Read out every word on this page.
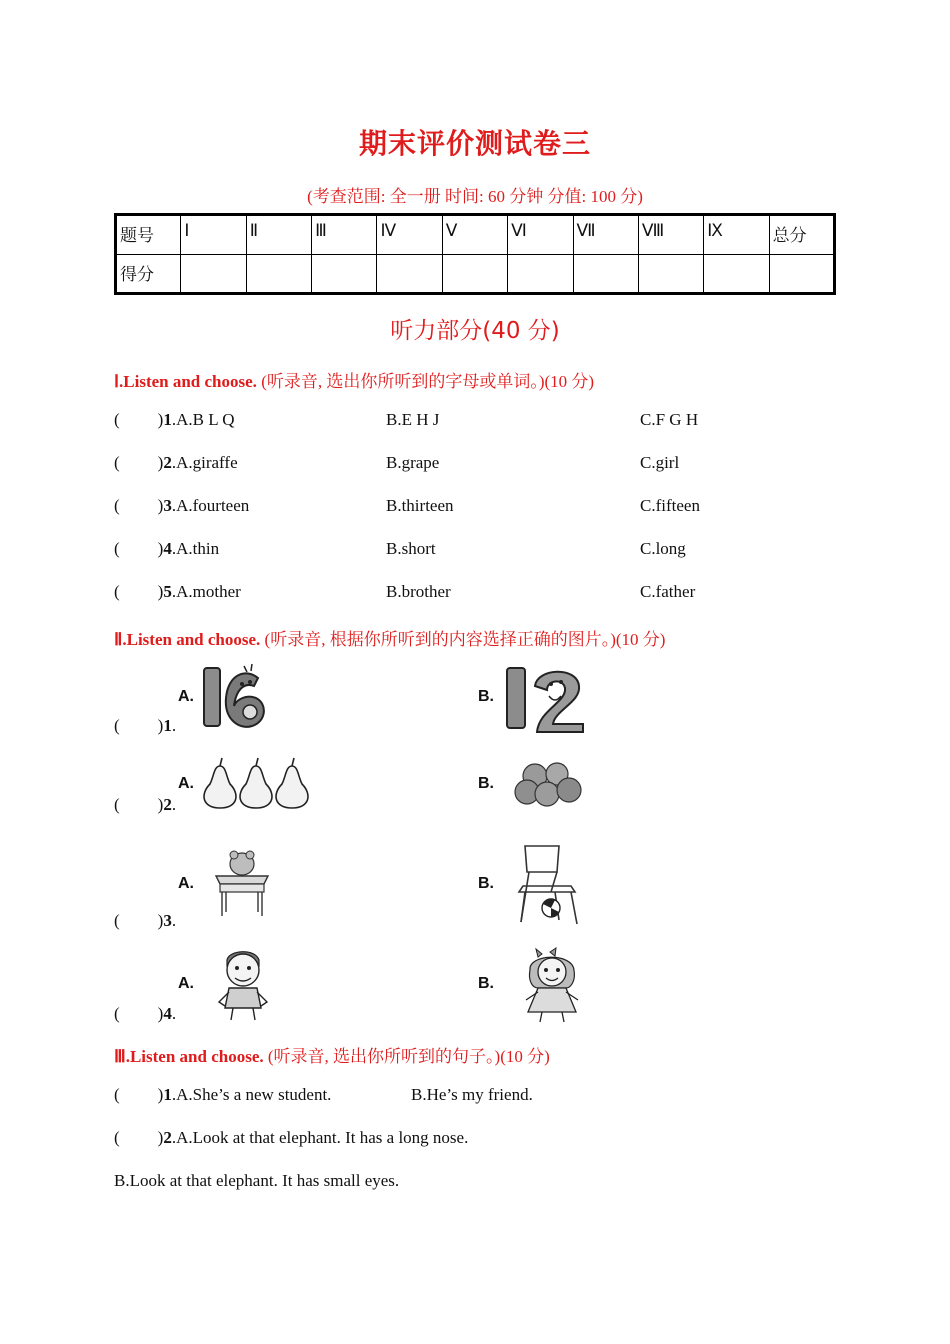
期末评价测试卷三
(考查范围: 全一册 时间: 60 分钟 分值: 100 分)
题号	Ⅰ	Ⅱ	Ⅲ	Ⅳ	Ⅴ	Ⅵ	Ⅶ	Ⅷ	Ⅸ	总分
得分										
听力部分(40 分)
Ⅰ.Listen and choose. (听录音, 选出你所听到的字母或单词。)(10 分)
( )1.A.B L Q	B.E H J	C.F G H
( )2.A.giraffe	B.grape	C.girl
( )3.A.fourteen	B.thirteen	C.fifteen
( )4.A.thin	B.short	C.long
( )5.A.mother	B.brother	C.father
Ⅱ.Listen and choose. (听录音, 根据你所听到的内容选择正确的图片。)(10 分)
( )1.
A.	B.
( )2.
A.	B.
( )3.
A.	B.
( )4.
A.	B.
Ⅲ.Listen and choose. (听录音, 选出你所听到的句子。)(10 分)
( )1.A.She’s a new student.	B.He’s my friend.
( )2.A.Look at that elephant. It has a long nose.
B.Look at that elephant. It has small eyes.
